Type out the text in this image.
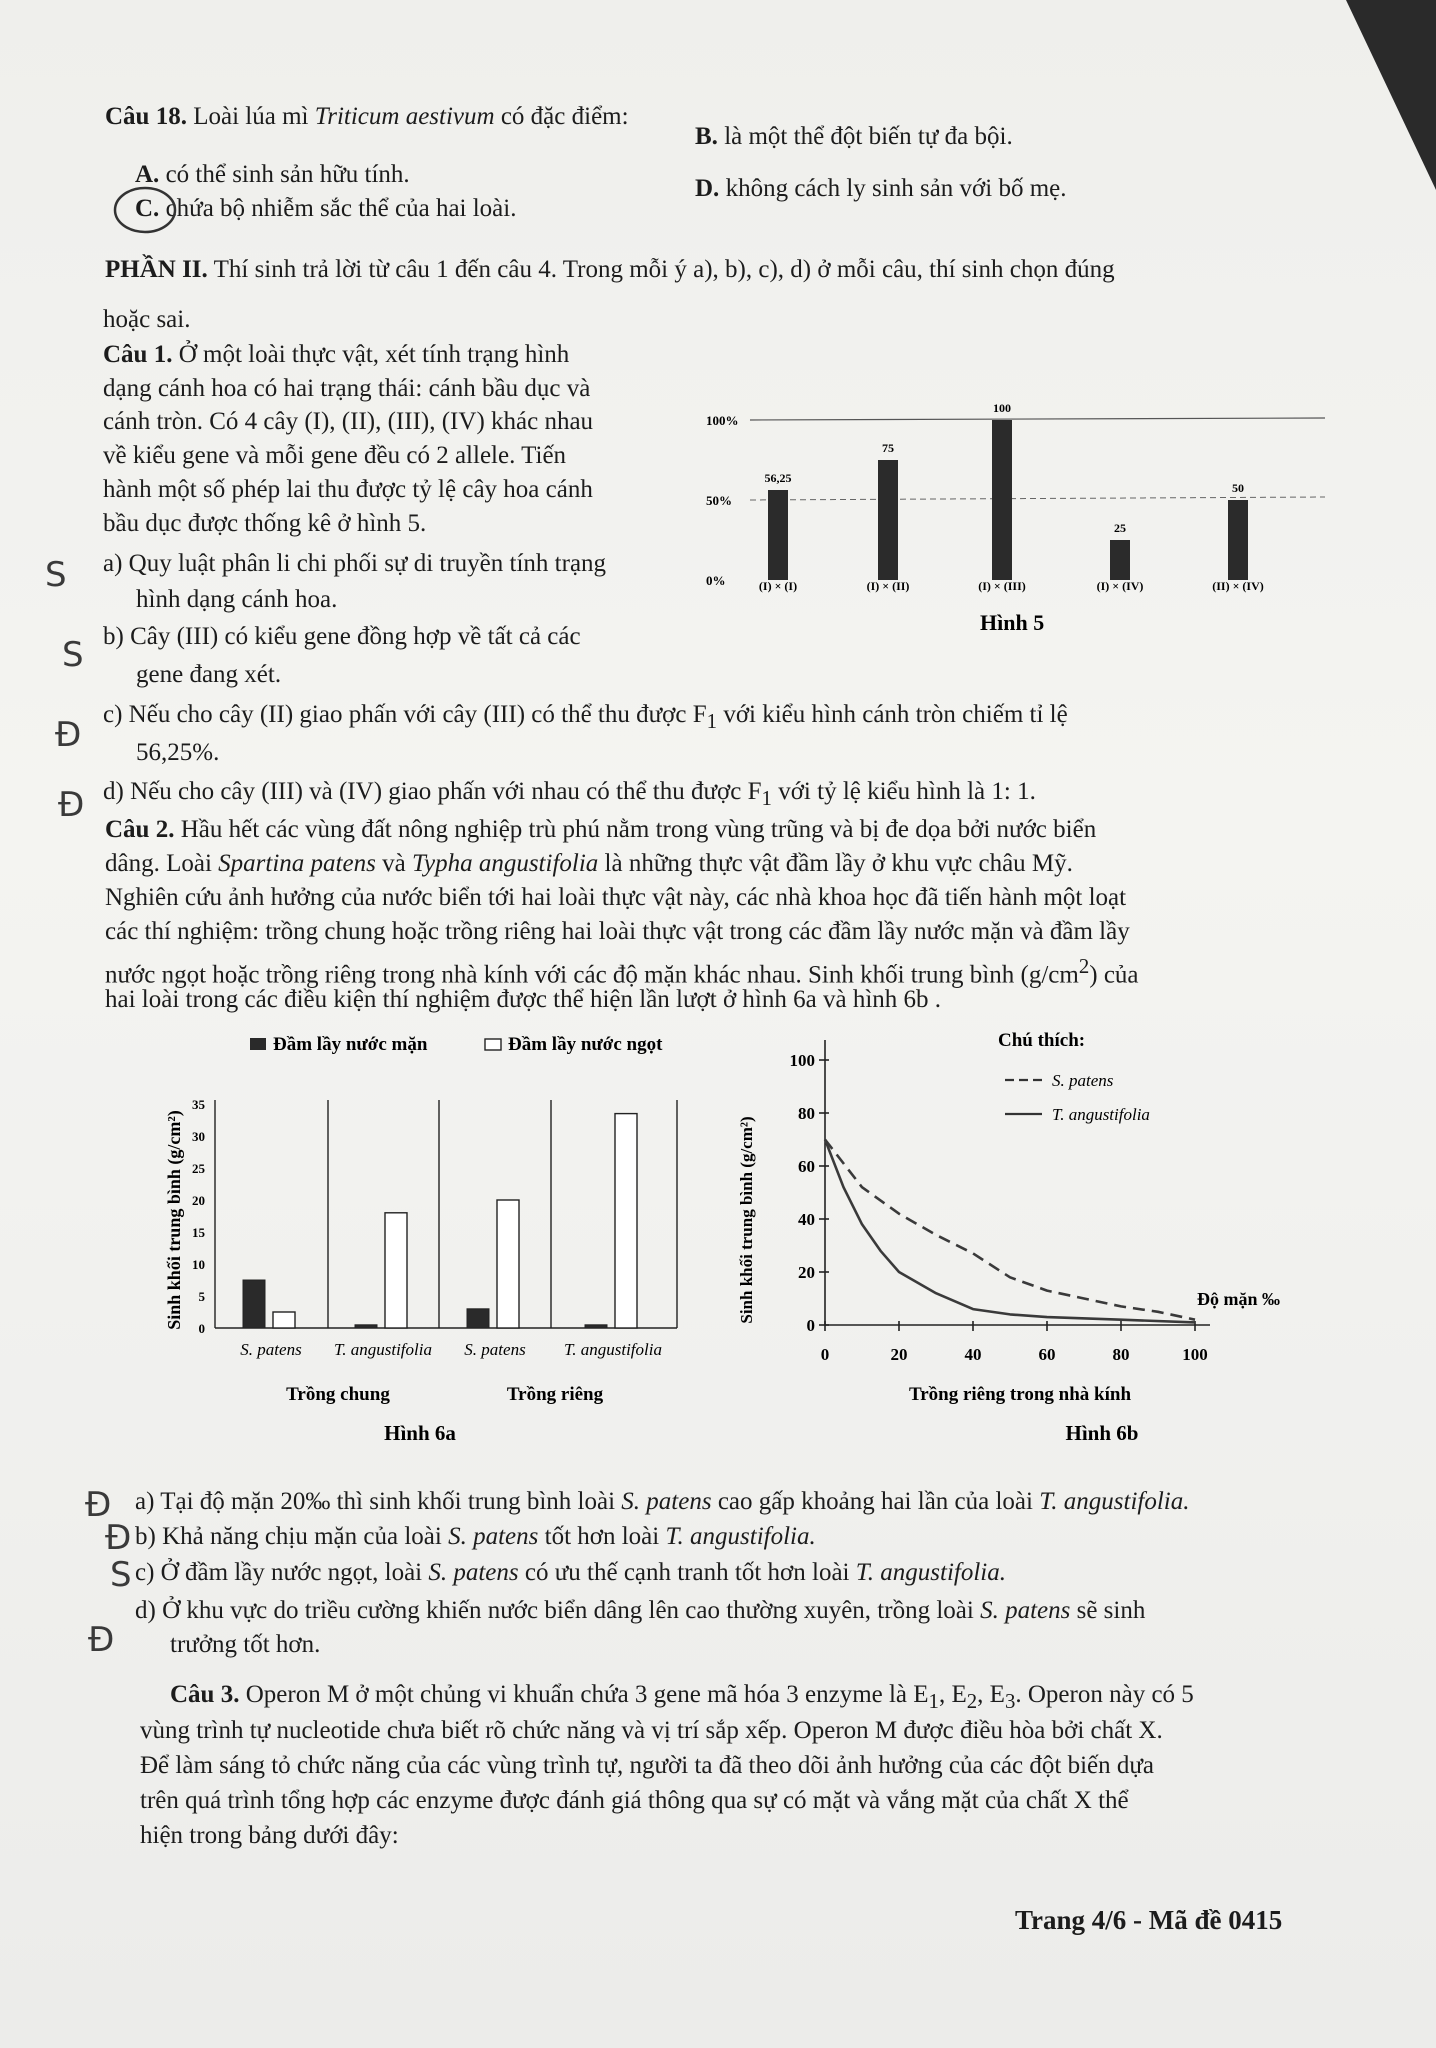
Câu 18. Loài lúa mì Triticum aestivum có đặc điểm:
B. là một thể đột biến tự đa bội.
A. có thể sinh sản hữu tính.
D. không cách ly sinh sản với bố mẹ.
C. chứa bộ nhiễm sắc thể của hai loài.
PHẦN II. Thí sinh trả lời từ câu 1 đến câu 4. Trong mỗi ý a), b), c), d) ở mỗi câu, thí sinh chọn đúng
hoặc sai.
Câu 1. Ở một loài thực vật, xét tính trạng hình
dạng cánh hoa có hai trạng thái: cánh bầu dục và
cánh tròn. Có 4 cây (I), (II), (III), (IV) khác nhau
về kiểu gene và mỗi gene đều có 2 allele. Tiến
hành một số phép lai thu được tỷ lệ cây hoa cánh
bầu dục được thống kê ở hình 5.
a) Quy luật phân li chi phối sự di truyền tính trạng
hình dạng cánh hoa.
b) Cây (III) có kiểu gene đồng hợp về tất cả các
gene đang xét.
c) Nếu cho cây (II) giao phấn với cây (III) có thể thu được $F_1$ với kiểu hình cánh tròn chiếm tỉ lệ
56,25%.
d) Nếu cho cây (III) và (IV) giao phấn với nhau có thể thu được $F_1$ với tỷ lệ kiểu hình là 1: 1.
S
S
Đ
Đ
0%
50%
100%
56,25
(I) × (I)
75
(I) × (II)
100
(I) × (III)
25
(I) × (IV)
50
(II) × (IV)
Hình 5
Câu 2. Hầu hết các vùng đất nông nghiệp trù phú nằm trong vùng trũng và bị đe dọa bởi nước biển
dâng. Loài Spartina patens và Typha angustifolia là những thực vật đầm lầy ở khu vực châu Mỹ.
Nghiên cứu ảnh hưởng của nước biển tới hai loài thực vật này, các nhà khoa học đã tiến hành một loạt
các thí nghiệm: trồng chung hoặc trồng riêng hai loài thực vật trong các đầm lầy nước mặn và đầm lầy
nước ngọt hoặc trồng riêng trong nhà kính với các độ mặn khác nhau. Sinh khối trung bình $(g/cm^2)$ của
hai loài trong các điều kiện thí nghiệm được thể hiện lần lượt ở hình 6a và hình 6b .
Đầm lầy nước mặn	Đầm lầy nước ngọt
0
5
10
15
20
25
30
35
Sinh khối trung bình (g/cm²)
S. patens T. angustifolia S. patens T. angustifolia
Trồng chung	Trồng riêng
Hình 6a
0
20
40
60
80
100
0	20	40	60	80	100
Sinh khối trung bình (g/cm²)	Độ mặn ‰
Trồng riêng trong nhà kính
Hình 6b
Chú thích:
S. patens
T. angustifolia
a) Tại độ mặn 20‰ thì sinh khối trung bình loài S. patens cao gấp khoảng hai lần của loài T. angustifolia.
b) Khả năng chịu mặn của loài S. patens tốt hơn loài T. angustifolia.
c) Ở đầm lầy nước ngọt, loài S. patens có ưu thế cạnh tranh tốt hơn loài T. angustifolia.
d) Ở khu vực do triều cường khiến nước biển dâng lên cao thường xuyên, trồng loài S. patens sẽ sinh
trưởng tốt hơn.
Đ
Đ
S
Đ
Câu 3. Operon M ở một chủng vi khuẩn chứa 3 gene mã hóa 3 enzyme là $E_1$, $E_2$, $E_3$. Operon này có 5
vùng trình tự nucleotide chưa biết rõ chức năng và vị trí sắp xếp. Operon M được điều hòa bởi chất X.
Để làm sáng tỏ chức năng của các vùng trình tự, người ta đã theo dõi ảnh hưởng của các đột biến dựa
trên quá trình tổng hợp các enzyme được đánh giá thông qua sự có mặt và vắng mặt của chất X thể
hiện trong bảng dưới đây:
Trang 4/6 - Mã đề 0415
